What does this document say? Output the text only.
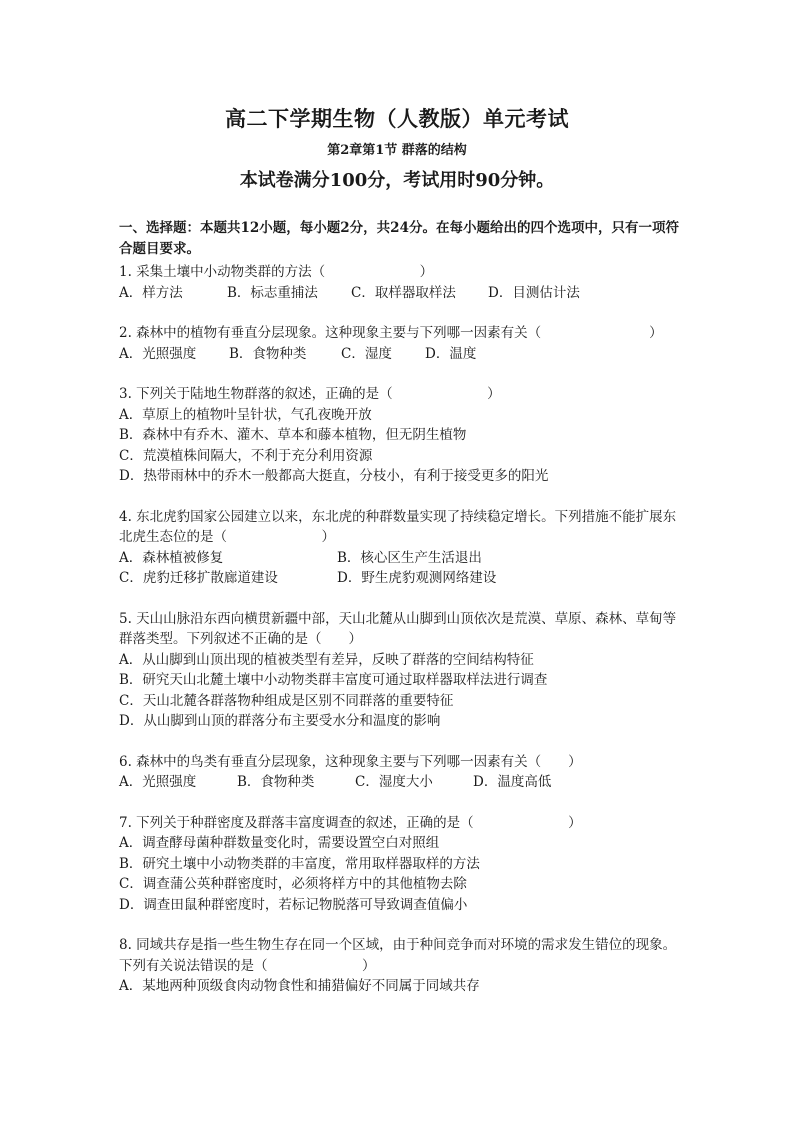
高二下学期生物（人教版）单元考试
第2章第1节 群落的结构
本试卷满分100分，考试用时90分钟。
一、选择题：本题共12小题，每小题2分，共24分。在每小题给出的四个选项中，只有一项符合题目要求。
1. 采集土壤中小动物类群的方法（　　　　　　　）
A．样方法	B．标志重捕法	C．取样器取样法	D．目测估计法
2. 森林中的植物有垂直分层现象。这种现象主要与下列哪一因素有关（　　　　　　　　）
A．光照强度	B．食物种类	C．湿度	D．温度
3. 下列关于陆地生物群落的叙述，正确的是（　　　　　　　）
A．草原上的植物叶呈针状，气孔夜晚开放
B．森林中有乔木、灌木、草本和藤本植物，但无阴生植物
C．荒漠植株间隔大，不利于充分利用资源
D．热带雨林中的乔木一般都高大挺直，分枝小，有利于接受更多的阳光
4. 东北虎豹国家公园建立以来，东北虎的种群数量实现了持续稳定增长。下列措施不能扩展东北虎生态位的是（　　　　　　　）
A．森林植被修复	B．核心区生产生活退出
C．虎豹迁移扩散廊道建设	D．野生虎豹观测网络建设
5. 天山山脉沿东西向横贯新疆中部，天山北麓从山脚到山顶依次是荒漠、草原、森林、草甸等群落类型。下列叙述不正确的是（　　）
A．从山脚到山顶出现的植被类型有差异，反映了群落的空间结构特征
B．研究天山北麓土壤中小动物类群丰富度可通过取样器取样法进行调查
C．天山北麓各群落物种组成是区别不同群落的重要特征
D．从山脚到山顶的群落分布主要受水分和温度的影响
6. 森林中的鸟类有垂直分层现象，这种现象主要与下列哪一因素有关（　　）
A．光照强度	B．食物种类	C．湿度大小	D．温度高低
7. 下列关于种群密度及群落丰富度调查的叙述，正确的是（　　　　　　　）
A．调查酵母菌种群数量变化时，需要设置空白对照组
B．研究土壤中小动物类群的丰富度，常用取样器取样的方法
C．调查蒲公英种群密度时，必须将样方中的其他植物去除
D．调查田鼠种群密度时，若标记物脱落可导致调查值偏小
8. 同域共存是指一些生物生存在同一个区域，由于种间竞争而对环境的需求发生错位的现象。下列有关说法错误的是（　　　　　　　）
A．某地两种顶级食肉动物食性和捕猎偏好不同属于同域共存
